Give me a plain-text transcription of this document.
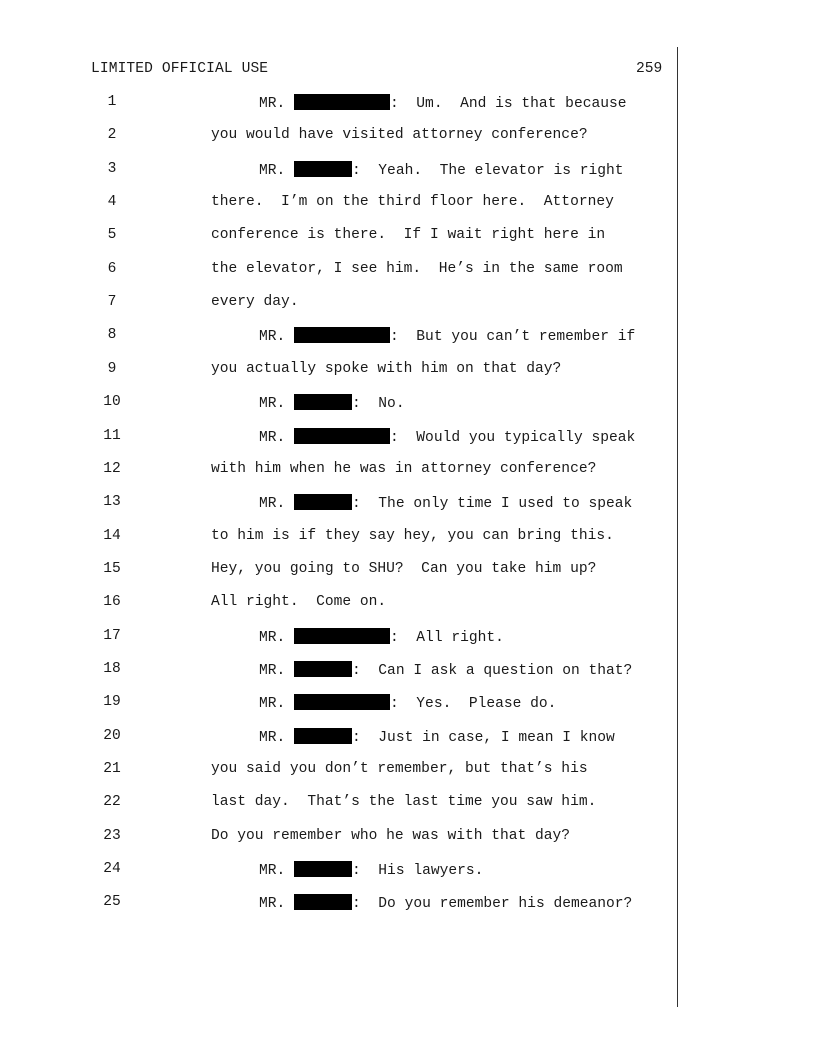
LIMITED OFFICIAL USE	259
1	MR.	:  Um.  And is that because
2	you would have visited attorney conference?
3	MR.	:  Yeah.  The elevator is right
4	there.  I’m on the third floor here.  Attorney
5	conference is there.  If I wait right here in
6	the elevator, I see him.  He’s in the same room
7	every day.
8	MR.	:  But you can’t remember if
9	you actually spoke with him on that day?
10	MR.	:  No.
11	MR.	:  Would you typically speak
12	with him when he was in attorney conference?
13	MR.	:  The only time I used to speak
14	to him is if they say hey, you can bring this.
15	Hey, you going to SHU?  Can you take him up?
16	All right.  Come on.
17	MR.	:  All right.
18	MR.	:  Can I ask a question on that?
19	MR.	:  Yes.  Please do.
20	MR.	:  Just in case, I mean I know
21	you said you don’t remember, but that’s his
22	last day.  That’s the last time you saw him.
23	Do you remember who he was with that day?
24	MR.	:  His lawyers.
25	MR.	:  Do you remember his demeanor?
